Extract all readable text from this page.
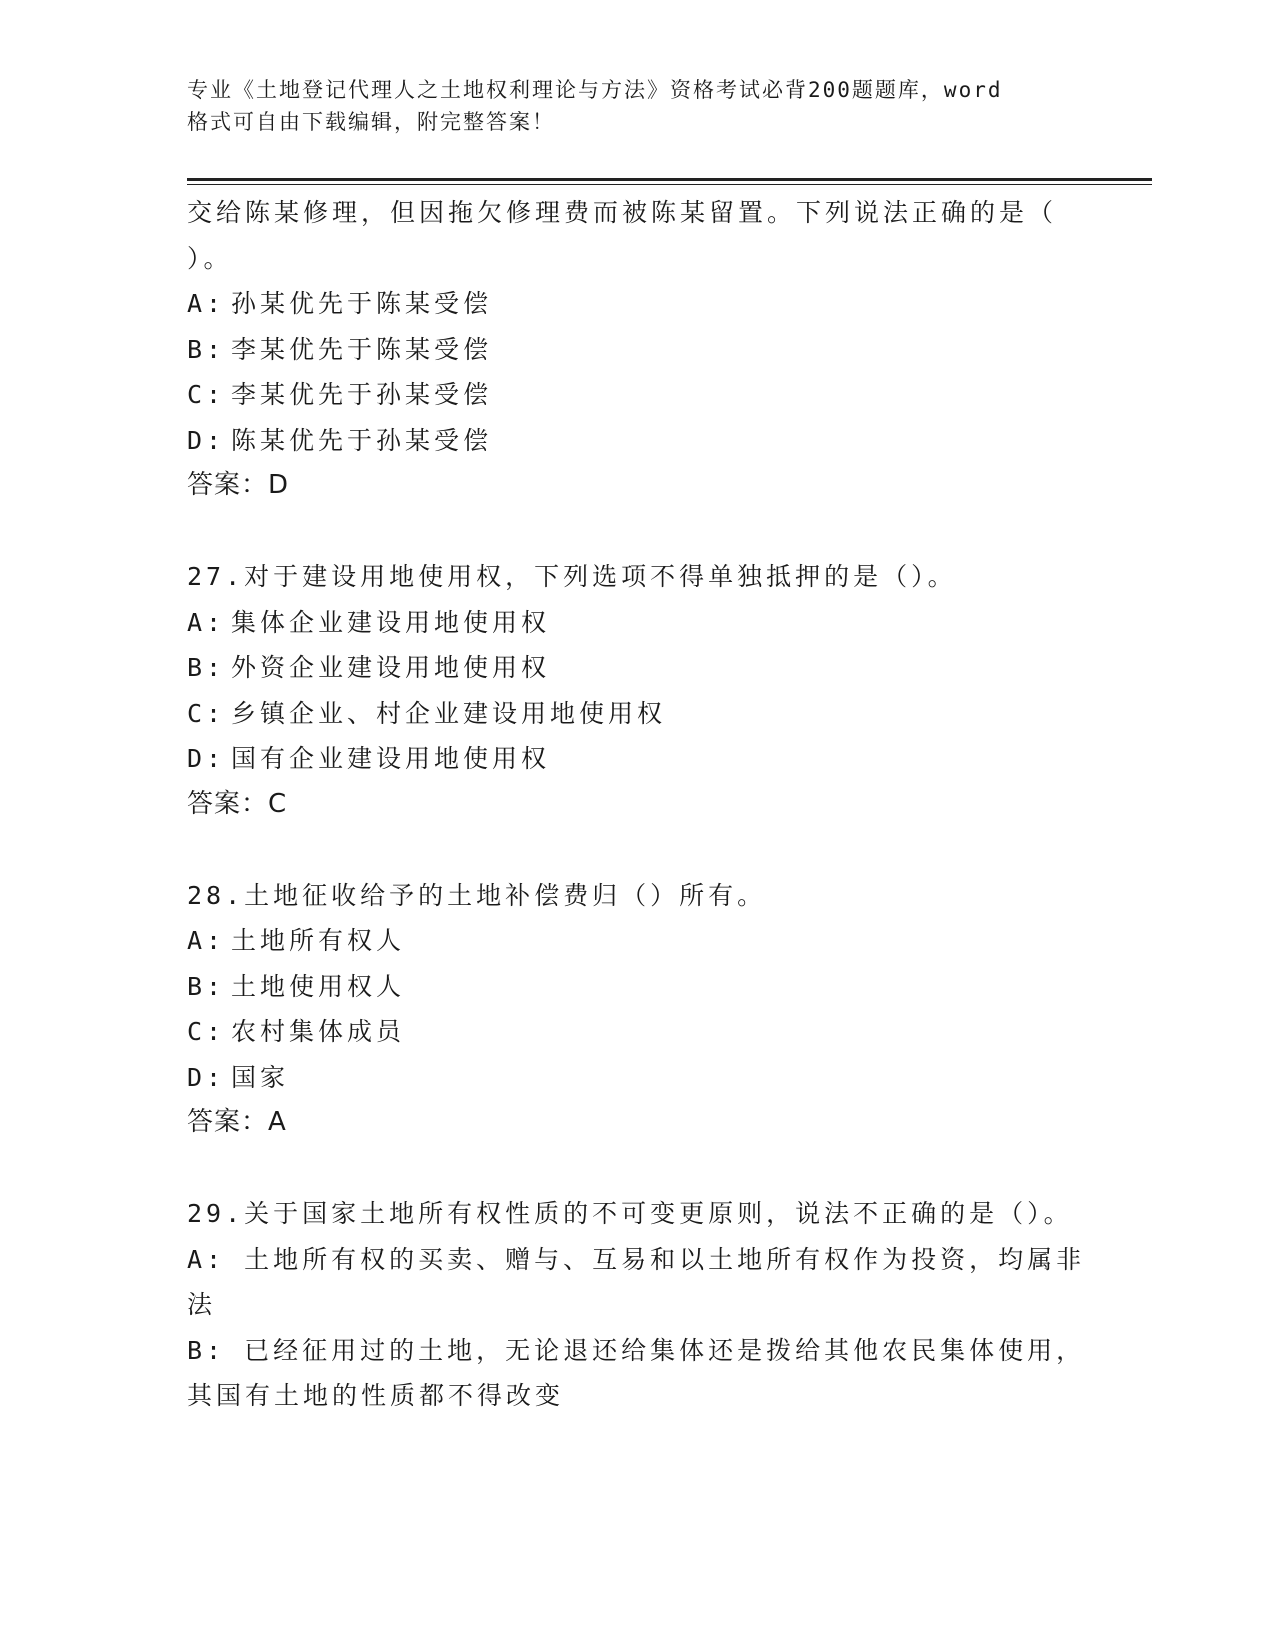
专业《土地登记代理人之土地权利理论与方法》资格考试必背200题题库，word
格式可自由下载编辑，附完整答案！
交给陈某修理，但因拖欠修理费而被陈某留置。下列说法正确的是（
）。
A: 孙某优先于陈某受偿
B: 李某优先于陈某受偿
C: 李某优先于孙某受偿
D: 陈某优先于孙某受偿
答案：D
27.对于建设用地使用权，下列选项不得单独抵押的是（）。
A: 集体企业建设用地使用权
B: 外资企业建设用地使用权
C: 乡镇企业、村企业建设用地使用权
D: 国有企业建设用地使用权
答案：C
28.土地征收给予的土地补偿费归（）所有。
A: 土地所有权人
B: 土地使用权人
C: 农村集体成员
D: 国家
答案：A
29.关于国家土地所有权性质的不可变更原则，说法不正确的是（）。
A: 土地所有权的买卖、赠与、互易和以土地所有权作为投资，均属非
法
B: 已经征用过的土地，无论退还给集体还是拨给其他农民集体使用，
其国有土地的性质都不得改变
